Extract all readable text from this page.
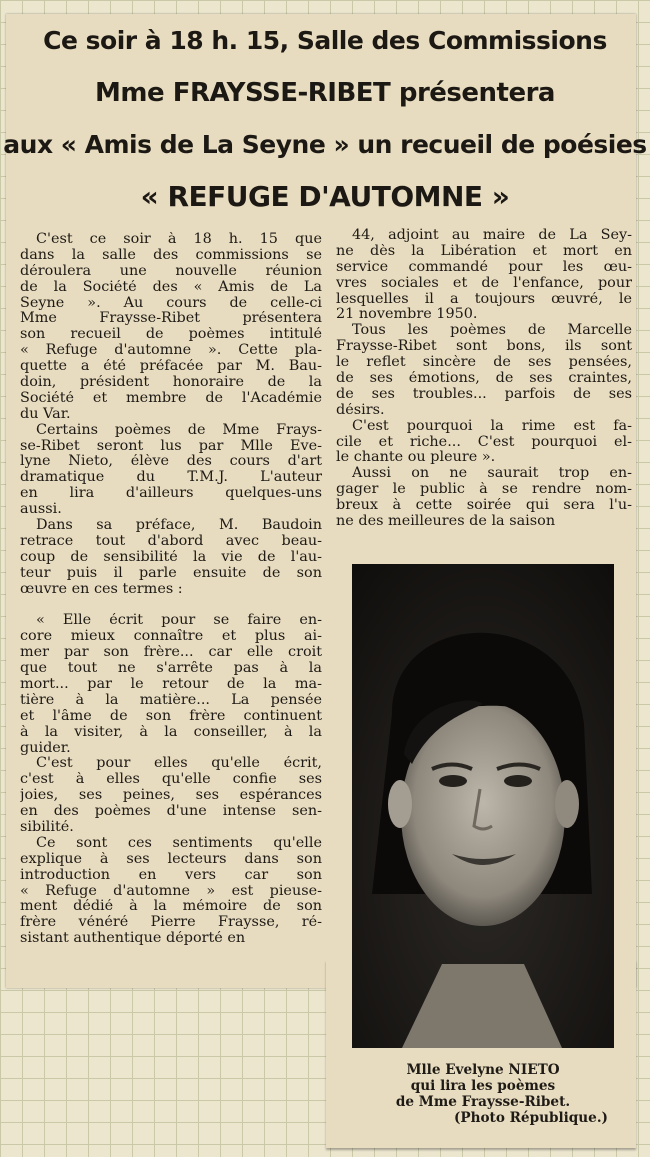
Ce soir à 18 h. 15, Salle des Commissions
Mme FRAYSSE-RIBET présentera
aux « Amis de La Seyne » un recueil de poésies
« REFUGE D'AUTOMNE »
C'est ce soir à 18 h. 15 que
dans la salle des commissions se
déroulera une nouvelle réunion
de la Société des « Amis de La
Seyne ». Au cours de celle-ci
Mme Fraysse-Ribet présentera
son recueil de poèmes intitulé
« Refuge d'automne ». Cette pla-
quette a été préfacée par M. Bau-
doin, président honoraire de la
Société et membre de l'Académie
du Var.
Certains poèmes de Mme Frays-
se-Ribet seront lus par Mlle Eve-
lyne Nieto, élève des cours d'art
dramatique du T.M.J. L'auteur
en lira d'ailleurs quelques-uns
aussi.
Dans sa préface, M. Baudoin
retrace tout d'abord avec beau-
coup de sensibilité la vie de l'au-
teur puis il parle ensuite de son
œuvre en ces termes :
« Elle écrit pour se faire en-
core mieux connaître et plus ai-
mer par son frère... car elle croit
que tout ne s'arrête pas à la
mort... par le retour de la ma-
tière à la matière... La pensée
et l'âme de son frère continuent
à la visiter, à la conseiller, à la
guider.
C'est pour elles qu'elle écrit,
c'est à elles qu'elle confie ses
joies, ses peines, ses espérances
en des poèmes d'une intense sen-
sibilité.
Ce sont ces sentiments qu'elle
explique à ses lecteurs dans son
introduction en vers car son
« Refuge d'automne » est pieuse-
ment dédié à la mémoire de son
frère vénéré Pierre Fraysse, ré-
sistant authentique déporté en
44, adjoint au maire de La Sey-
ne dès la Libération et mort en
service commandé pour les œu-
vres sociales et de l'enfance, pour
lesquelles il a toujours œuvré, le
21 novembre 1950.
Tous les poèmes de Marcelle
Fraysse-Ribet sont bons, ils sont
le reflet sincère de ses pensées,
de ses émotions, de ses craintes,
de ses troubles... parfois de ses
désirs.
C'est pourquoi la rime est fa-
cile et riche... C'est pourquoi el-
le chante ou pleure ».
Aussi on ne saurait trop en-
gager le public à se rendre nom-
breux à cette soirée qui sera l'u-
ne des meilleures de la saison
Mlle Evelyne NIETO
qui lira les poèmes
de Mme Fraysse-Ribet.
(Photo République.)
